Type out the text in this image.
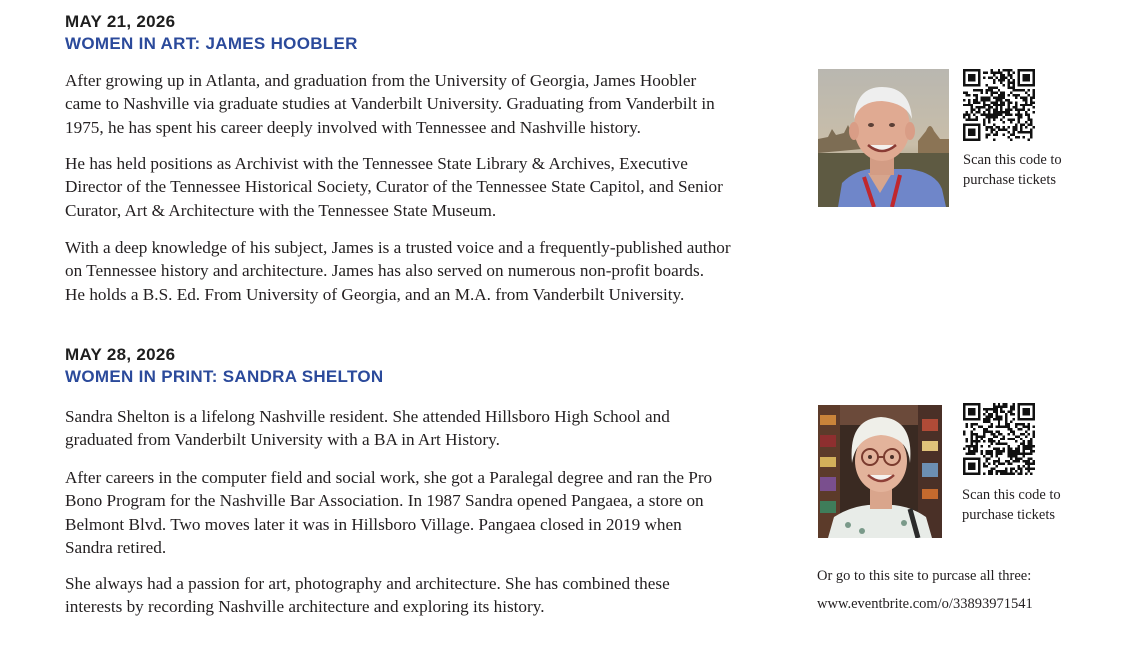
MAY 21, 2026
WOMEN IN ART: JAMES HOOBLER
After growing up in Atlanta, and graduation from the University of Georgia, James Hoobler
came to Nashville via graduate studies at Vanderbilt University. Graduating from Vanderbilt in
1975, he has spent his career deeply involved with Tennessee and Nashville history.
He has held positions as Archivist with the Tennessee State Library & Archives, Executive
Director of the Tennessee Historical Society, Curator of the Tennessee State Capitol, and Senior
Curator, Art & Architecture with the Tennessee State Museum.
With a deep knowledge of his subject, James is a trusted voice and a frequently-published author
on Tennessee history and architecture. James has also served on numerous non-profit boards.
He holds a B.S. Ed. From University of Georgia, and an M.A. from Vanderbilt University.
Scan this code to
purchase tickets
MAY 28, 2026
WOMEN IN PRINT: SANDRA SHELTON
Sandra Shelton is a lifelong Nashville resident. She attended Hillsboro High School and
graduated from Vanderbilt University with a BA in Art History.
After careers in the computer field and social work, she got a Paralegal degree and ran the Pro
Bono Program for the Nashville Bar Association. In 1987 Sandra opened Pangaea, a store on
Belmont Blvd. Two moves later it was in Hillsboro Village. Pangaea closed in 2019 when
Sandra retired.
She always had a passion for art, photography and architecture. She has combined these
interests by recording Nashville architecture and exploring its history.
Scan this code to
purchase tickets
Or go to this site to purcase all three:
www.eventbrite.com/o/33893971541
